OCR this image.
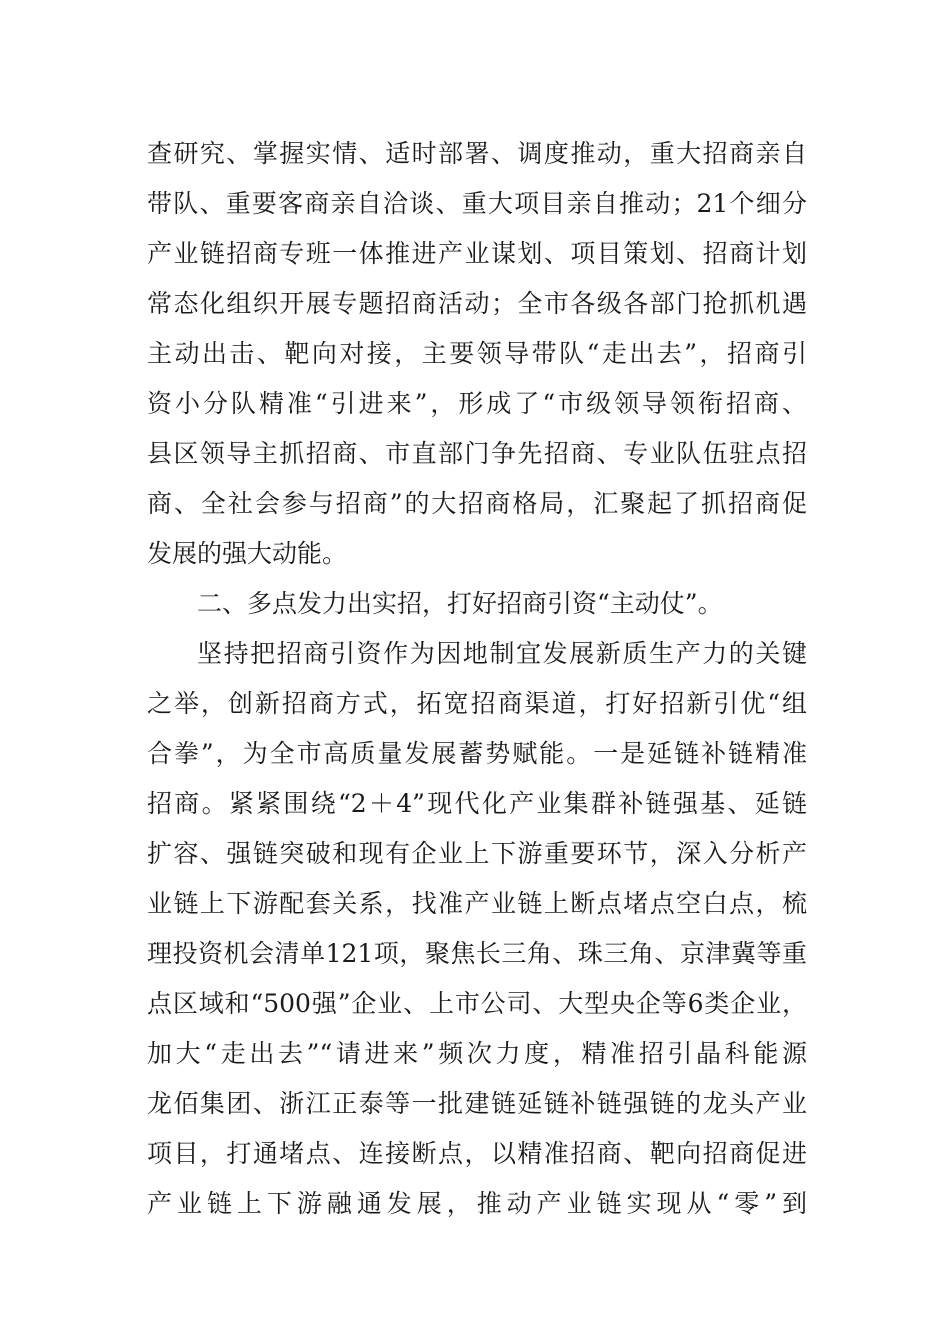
查研究、掌握实情、适时部署、调度推动，重大招商亲自
带队、重要客商亲自洽谈、重大项目亲自推动；21个细分
产业链招商专班一体推进产业谋划、项目策划、招商计划
常态化组织开展专题招商活动；全市各级各部门抢抓机遇
主动出击、靶向对接，主要领导带队“走出去”，招商引
资小分队精准“引进来”，形成了“市级领导领衔招商、
县区领导主抓招商、市直部门争先招商、专业队伍驻点招
商、全社会参与招商”的大招商格局，汇聚起了抓招商促
发展的强大动能。
二、多点发力出实招，打好招商引资“主动仗”。
坚持把招商引资作为因地制宜发展新质生产力的关键
之举，创新招商方式，拓宽招商渠道，打好招新引优“组
合拳”，为全市高质量发展蓄势赋能。一是延链补链精准
招商。紧紧围绕“2＋4”现代化产业集群补链强基、延链
扩容、强链突破和现有企业上下游重要环节，深入分析产
业链上下游配套关系，找准产业链上断点堵点空白点，梳
理投资机会清单121项，聚焦长三角、珠三角、京津冀等重
点区域和“500强”企业、上市公司、大型央企等6类企业，
加大“走出去”“请进来”频次力度，精准招引晶科能源
龙佰集团、浙江正泰等一批建链延链补链强链的龙头产业
项目，打通堵点、连接断点，以精准招商、靶向招商促进
产业链上下游融通发展，推动产业链实现从“零”到
